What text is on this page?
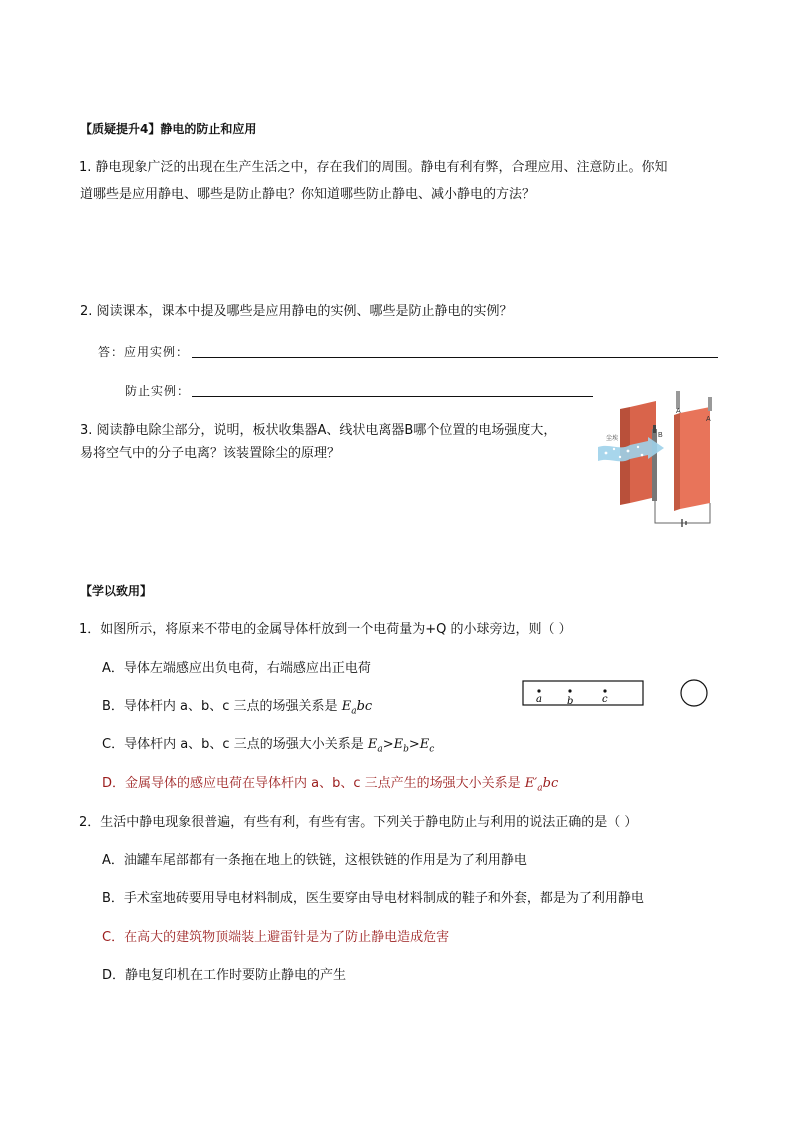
【质疑提升4】静电的防止和应用
1. 静电现象广泛的出现在生产生活之中，存在我们的周围。静电有利有弊，合理应用、注意防止。你知
道哪些是应用静电、哪些是防止静电？你知道哪些防止静电、减小静电的方法？
2. 阅读课本，课本中提及哪些是应用静电的实例、哪些是防止静电的实例？
答：应用实例：
防止实例：
3. 阅读静电除尘部分，说明，板状收集器A、线状电离器B哪个位置的电场强度大，
易将空气中的分子电离？该装置除尘的原理？
A
A
B
尘埃
【学以致用】
1．如图所示，将原来不带电的金属导体杆放到一个电荷量为+Q 的小球旁边，则（ ）
A．导体左端感应出负电荷，右端感应出正电荷
B．导体杆内 a、b、c 三点的场强关系是 $E_abc$
C．导体杆内 a、b、c 三点的场强大小关系是 $E_a>E_b>E_c$
D．金属导体的感应电荷在导体杆内 a、b、c 三点产生的场强大小关系是 $E'_abc$
a	b	c
2．生活中静电现象很普遍，有些有利，有些有害。下列关于静电防止与利用的说法正确的是（ ）
A．油罐车尾部都有一条拖在地上的铁链，这根铁链的作用是为了利用静电
B．手术室地砖要用导电材料制成，医生要穿由导电材料制成的鞋子和外套，都是为了利用静电
C．在高大的建筑物顶端装上避雷针是为了防止静电造成危害
D．静电复印机在工作时要防止静电的产生
